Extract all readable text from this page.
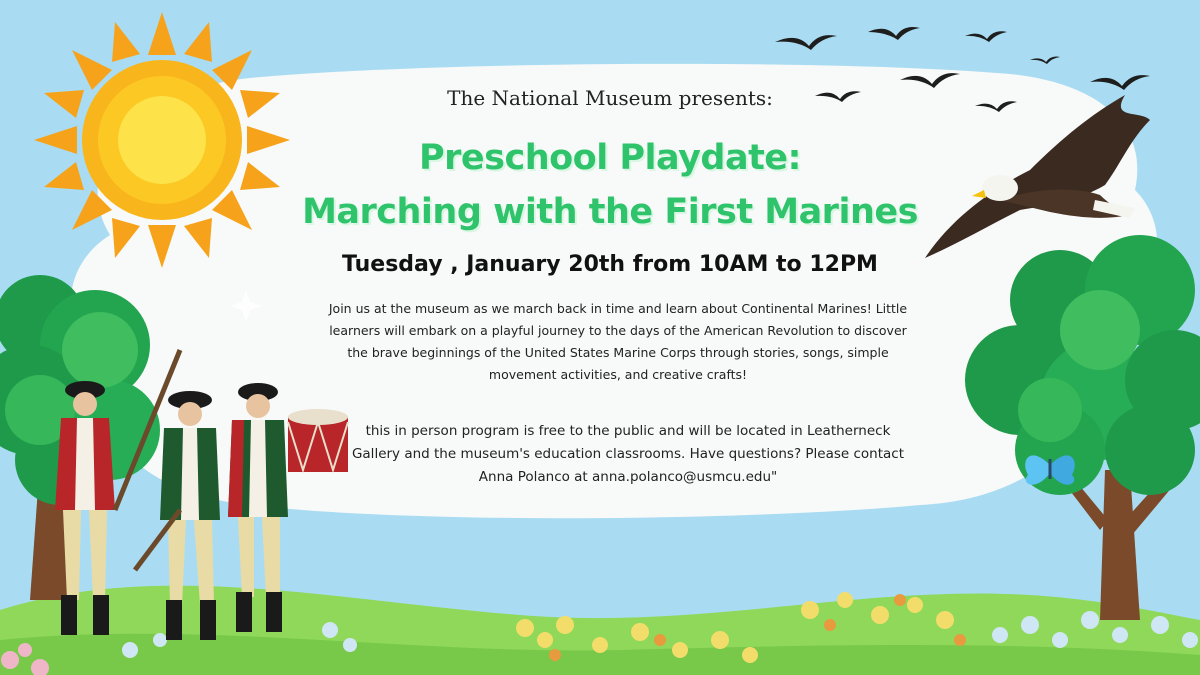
The National Museum presents:

Preschool Playdate:
Marching with the First Marines

Tuesday , January 20th from 10AM to 12PM

Join us at the museum as we march back in time and learn about Continental Marines! Little learners will embark on a playful journey to the days of the American Revolution to discover the brave beginnings of the United States Marine Corps through stories, songs, simple movement activities, and creative crafts!

this in person program is free to the public and will be located in Leatherneck Gallery and the museum's education classrooms. Have questions? Please contact Anna Polanco at anna.polanco@usmcu.edu"
